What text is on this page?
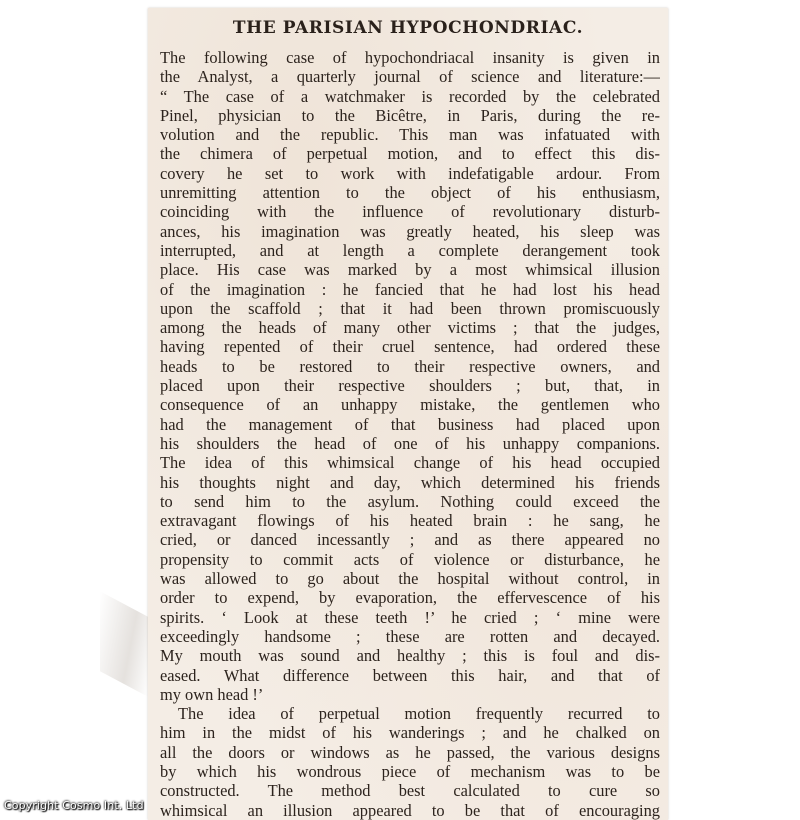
THE PARISIAN HYPOCHONDRIAC.
The following case of hypochondriacal insanity is given in
the Analyst, a quarterly journal of science and literature:—
“ The case of a watchmaker is recorded by the celebrated
Pinel, physician to the Bicêtre, in Paris, during the re-
volution and the republic. This man was infatuated with
the chimera of perpetual motion, and to effect this dis-
covery he set to work with indefatigable ardour. From
unremitting attention to the object of his enthusiasm,
coinciding with the influence of revolutionary disturb-
ances, his imagination was greatly heated, his sleep was
interrupted, and at length a complete derangement took
place. His case was marked by a most whimsical illusion
of the imagination : he fancied that he had lost his head
upon the scaffold ; that it had been thrown promiscuously
among the heads of many other victims ; that the judges,
having repented of their cruel sentence, had ordered these
heads to be restored to their respective owners, and
placed upon their respective shoulders ; but, that, in
consequence of an unhappy mistake, the gentlemen who
had the management of that business had placed upon
his shoulders the head of one of his unhappy companions.
The idea of this whimsical change of his head occupied
his thoughts night and day, which determined his friends
to send him to the asylum. Nothing could exceed the
extravagant flowings of his heated brain : he sang, he
cried, or danced incessantly ; and as there appeared no
propensity to commit acts of violence or disturbance, he
was allowed to go about the hospital without control, in
order to expend, by evaporation, the effervescence of his
spirits. ‘ Look at these teeth !’ he cried ; ‘ mine were
exceedingly handsome ; these are rotten and decayed.
My mouth was sound and healthy ; this is foul and dis-
eased. What difference between this hair, and that of
my own head !’
The idea of perpetual motion frequently recurred to
him in the midst of his wanderings ; and he chalked on
all the doors or windows as he passed, the various designs
by which his wondrous piece of mechanism was to be
constructed. The method best calculated to cure so
whimsical an illusion appeared to be that of encouraging
Copyright Cosmo Int. Ltd
